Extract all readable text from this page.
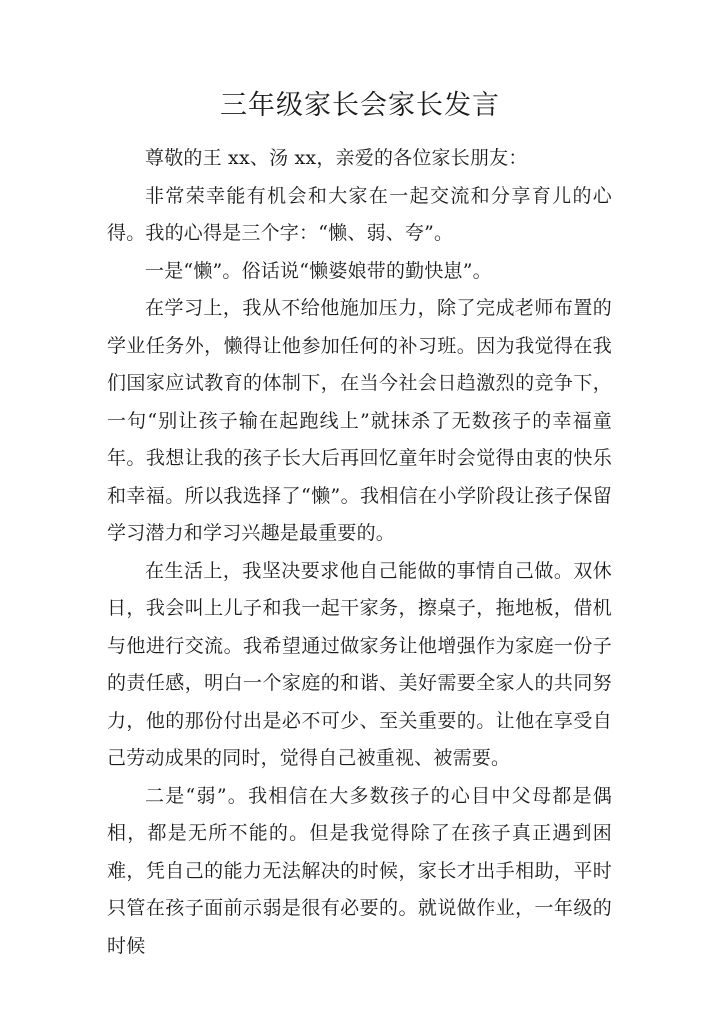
三年级家长会家长发言

尊敬的王 xx、汤 xx，亲爱的各位家长朋友：

非常荣幸能有机会和大家在一起交流和分享育儿的心得。我的心得是三个字：“懒、弱、夸”。

一是“懒”。俗话说“懒婆娘带的勤快崽”。

在学习上，我从不给他施加压力，除了完成老师布置的学业任务外，懒得让他参加任何的补习班。因为我觉得在我们国家应试教育的体制下，在当今社会日趋激烈的竞争下，一句“别让孩子输在起跑线上”就抹杀了无数孩子的幸福童年。我想让我的孩子长大后再回忆童年时会觉得由衷的快乐和幸福。所以我选择了“懒”。我相信在小学阶段让孩子保留学习潜力和学习兴趣是最重要的。

在生活上，我坚决要求他自己能做的事情自己做。双休日，我会叫上儿子和我一起干家务，擦桌子，拖地板，借机与他进行交流。我希望通过做家务让他增强作为家庭一份子的责任感，明白一个家庭的和谐、美好需要全家人的共同努力，他的那份付出是必不可少、至关重要的。让他在享受自己劳动成果的同时，觉得自己被重视、被需要。

二是“弱”。我相信在大多数孩子的心目中父母都是偶相，都是无所不能的。但是我觉得除了在孩子真正遇到困难，凭自己的能力无法解决的时候，家长才出手相助，平时只管在孩子面前示弱是很有必要的。就说做作业，一年级的时候
